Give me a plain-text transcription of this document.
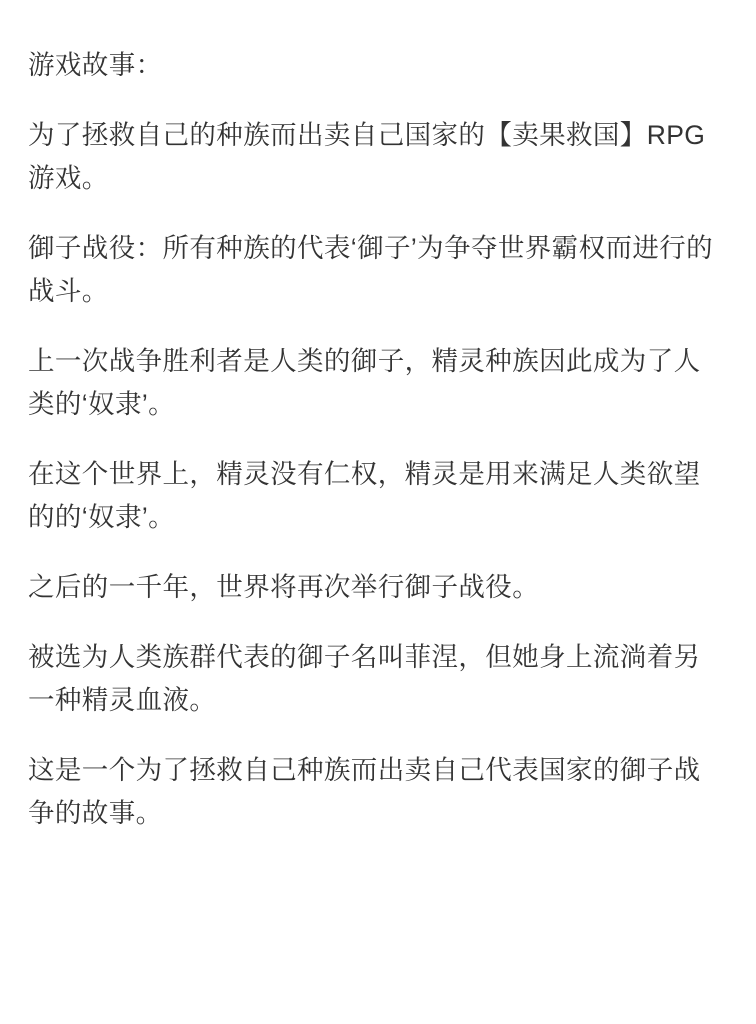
游戏故事：

为了拯救自己的种族而出卖自己国家的【卖果救国】RPG游戏。

御子战役：所有种族的代表‘御子’为争夺世界霸权而进行的战斗。

上一次战争胜利者是人类的御子，精灵种族因此成为了人类的‘奴隶’。

在这个世界上，精灵没有仁权，精灵是用来满足人类欲望的的‘奴隶’。

之后的一千年，世界将再次举行御子战役。

被选为人类族群代表的御子名叫菲涅，但她身上流淌着另一种精灵血液。

这是一个为了拯救自己种族而出卖自己代表国家的御子战争的故事。
